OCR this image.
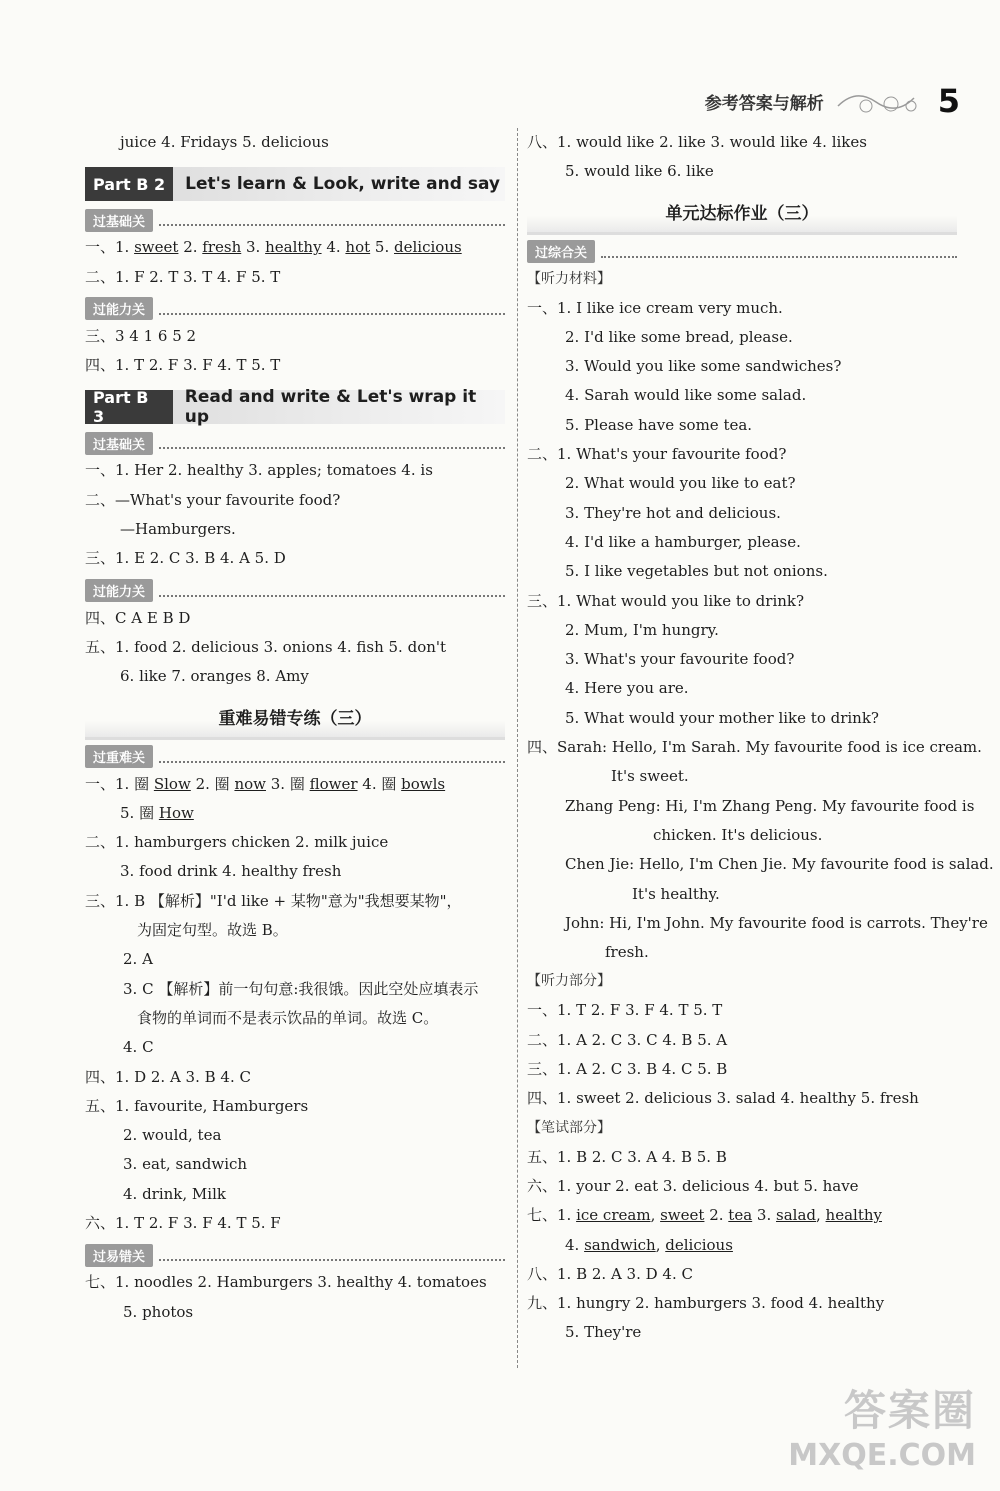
参考答案与解析	5
juice 4. Fridays 5. delicious
Part B 2	Let's learn & Look, write and say
过基础关
一、1. sweet 2. fresh 3. healthy 4. hot 5. delicious
二、1. F 2. T 3. T 4. F 5. T
过能力关
三、3 4 1 6 5 2
四、1. T 2. F 3. F 4. T 5. T
Part B 3
Read and write & Let's wrap it up
过基础关
一、1. Her 2. healthy 3. apples; tomatoes 4. is
二、—What's your favourite food?
—Hamburgers.
三、1. E 2. C 3. B 4. A 5. D
过能力关
四、C A E B D
五、1. food 2. delicious 3. onions 4. fish 5. don't
6. like 7. oranges 8. Amy
重难易错专练（三）
过重难关
一、1. 圈 Slow 2. 圈 now 3. 圈 flower 4. 圈 bowls
5. 圈 How
二、1. hamburgers chicken 2. milk juice
3. food drink 4. healthy fresh
三、1. B 【解析】"I'd like + 某物"意为"我想要某物"，
为固定句型。故选 B。
2. A
3. C 【解析】前一句句意:我很饿。因此空处应填表示
食物的单词而不是表示饮品的单词。故选 C。
4. C
四、1. D 2. A 3. B 4. C
五、1. favourite, Hamburgers
2. would, tea
3. eat, sandwich
4. drink, Milk
六、1. T 2. F 3. F 4. T 5. F
过易错关
七、1. noodles 2. Hamburgers 3. healthy 4. tomatoes
5. photos
八、1. would like 2. like 3. would like 4. likes
5. would like 6. like
单元达标作业（三）
过综合关
【听力材料】
一、1. I like ice cream very much.
2. I'd like some bread, please.
3. Would you like some sandwiches?
4. Sarah would like some salad.
5. Please have some tea.
二、1. What's your favourite food?
2. What would you like to eat?
3. They're hot and delicious.
4. I'd like a hamburger, please.
5. I like vegetables but not onions.
三、1. What would you like to drink?
2. Mum, I'm hungry.
3. What's your favourite food?
4. Here you are.
5. What would your mother like to drink?
四、Sarah: Hello, I'm Sarah. My favourite food is ice cream.
It's sweet.
Zhang Peng: Hi, I'm Zhang Peng. My favourite food is
chicken. It's delicious.
Chen Jie: Hello, I'm Chen Jie. My favourite food is salad.
It's healthy.
John: Hi, I'm John. My favourite food is carrots. They're
fresh.
【听力部分】
一、1. T 2. F 3. F 4. T 5. T
二、1. A 2. C 3. C 4. B 5. A
三、1. A 2. C 3. B 4. C 5. B
四、1. sweet 2. delicious 3. salad 4. healthy 5. fresh
【笔试部分】
五、1. B 2. C 3. A 4. B 5. B
六、1. your 2. eat 3. delicious 4. but 5. have
七、1. ice cream, sweet 2. tea 3. salad, healthy
4. sandwich, delicious
八、1. B 2. A 3. D 4. C
九、1. hungry 2. hamburgers 3. food 4. healthy
5. They're
答案圈
MXQE.COM
